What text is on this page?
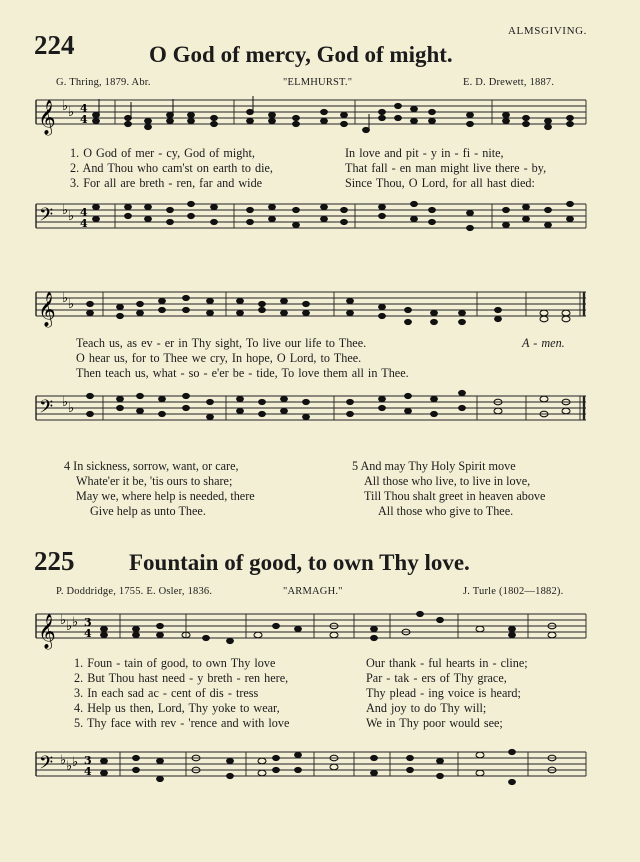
ALMSGIVING.
224	O God of mercy, God of might.
G. Thring, 1879. Abr.	"ELMHURST."	E. D. Drewett, 1887.
𝄞 ♭ ♭ 4
4
1. O God of mer - cy, God of might,	In love and pit - y in - fi - nite,
2. And Thou who cam'st on earth to die,	That fall - en man might live there - by,
3. For all are breth - ren, far and wide	Since Thou, O Lord, for all hast died:
𝄢 ♭ ♭ 4
4
𝄞 ♭ ♭
Teach us, as ev - er in Thy sight, To live our life to Thee.	A - men.
O hear us, for to Thee we cry, In hope, O Lord, to Thee.
Then teach us, what - so - e'er be - tide, To love them all in Thee.
𝄢 ♭ ♭
4 In sickness, sorrow, want, or care,
Whate'er it be, 'tis ours to share;
May we, where help is needed, there
Give help as unto Thee.
5 And may Thy Holy Spirit move
All those who live, to live in love,
Till Thou shalt greet in heaven above
All those who give to Thee.
225 Fountain of good, to own Thy love.
P. Doddridge, 1755. E. Osler, 1836.	"ARMAGH."	J. Turle (1802—1882).
𝄞 ♭ ♭ ♭ 3
4
1. Foun - tain of good, to own Thy love	Our thank - ful hearts in - cline;
2. But Thou hast need - y breth - ren here,	Par - tak - ers of Thy grace,
3. In each sad ac - cent of dis - tress	Thy plead - ing voice is heard;
4. Help us then, Lord, Thy yoke to wear,	And joy to do Thy will;
5. Thy face with rev - 'rence and with love	We in Thy poor would see;
𝄢 ♭ ♭ ♭ 3
4
